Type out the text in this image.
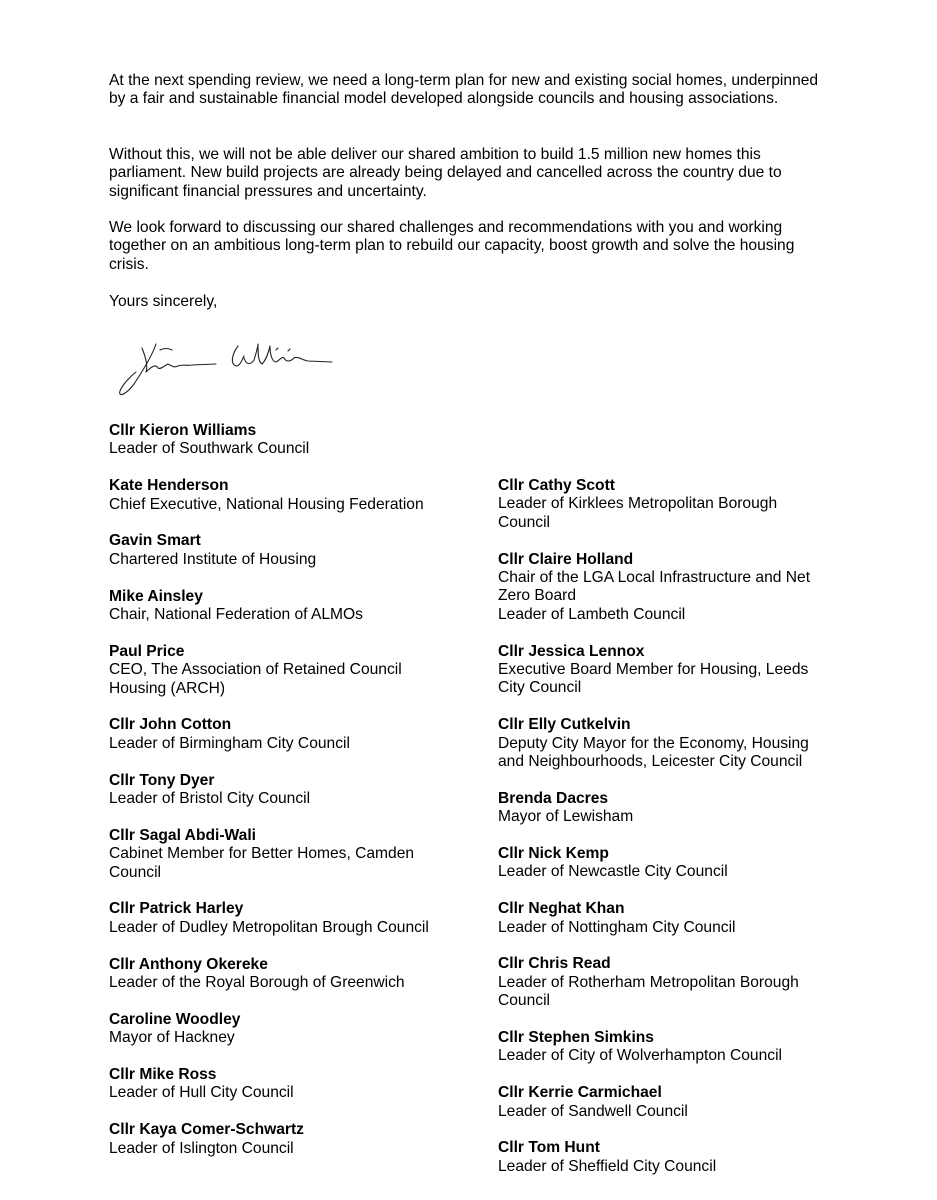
At the next spending review, we need a long-term plan for new and existing social homes, underpinned by a fair and sustainable financial model developed alongside councils and housing associations.

Without this, we will not be able deliver our shared ambition to build 1.5 million new homes this parliament. New build projects are already being delayed and cancelled across the country due to significant financial pressures and uncertainty.

We look forward to discussing our shared challenges and recommendations with you and working together on an ambitious long-term plan to rebuild our capacity, boost growth and solve the housing crisis.

Yours sincerely,

Cllr Kieron Williams
Leader of Southwark Council
Kate Henderson
Chief Executive, National Housing Federation
Gavin Smart
Chartered Institute of Housing
Mike Ainsley
Chair, National Federation of ALMOs
Paul Price
CEO, The Association of Retained Council
Housing (ARCH)
Cllr John Cotton
Leader of Birmingham City Council
Cllr Tony Dyer
Leader of Bristol City Council
Cllr Sagal Abdi-Wali
Cabinet Member for Better Homes, Camden
Council
Cllr Patrick Harley
Leader of Dudley Metropolitan Brough Council
Cllr Anthony Okereke
Leader of the Royal Borough of Greenwich
Caroline Woodley
Mayor of Hackney
Cllr Mike Ross
Leader of Hull City Council
Cllr Kaya Comer-Schwartz
Leader of Islington Council
Cllr Cathy Scott
Leader of Kirklees Metropolitan Borough
Council
Cllr Claire Holland
Chair of the LGA Local Infrastructure and Net
Zero Board
Leader of Lambeth Council
Cllr Jessica Lennox
Executive Board Member for Housing, Leeds
City Council
Cllr Elly Cutkelvin
Deputy City Mayor for the Economy, Housing
and Neighbourhoods, Leicester City Council
Brenda Dacres
Mayor of Lewisham
Cllr Nick Kemp
Leader of Newcastle City Council
Cllr Neghat Khan
Leader of Nottingham City Council
Cllr Chris Read
Leader of Rotherham Metropolitan Borough
Council
Cllr Stephen Simkins
Leader of City of Wolverhampton Council
Cllr Kerrie Carmichael
Leader of Sandwell Council
Cllr Tom Hunt
Leader of Sheffield City Council
